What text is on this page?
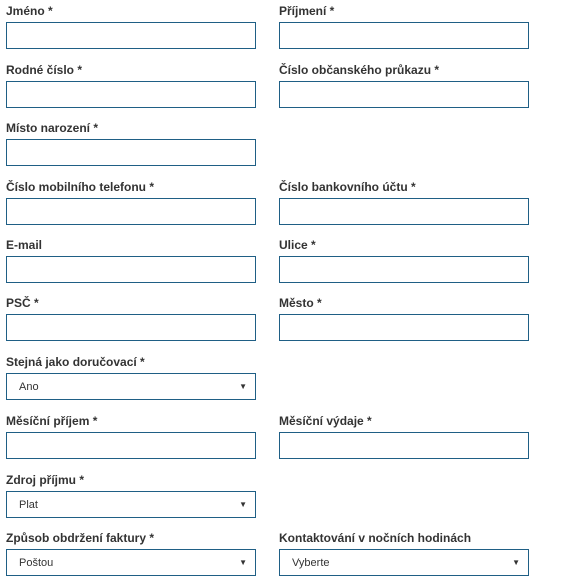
Jméno *	Příjmení *
Rodné číslo *	Číslo občanského průkazu *
Místo narození *
Číslo mobilního telefonu *	Číslo bankovního účtu *
E-mail	Ulice *
PSČ *	Město *
Stejná jako doručovací *
Ano	▼
Měsíční příjem *	Měsíční výdaje *
Zdroj příjmu *
Plat	▼
Způsob obdržení faktury *
Poštou	▼
Kontaktování v nočních hodinách
Vyberte	▼
